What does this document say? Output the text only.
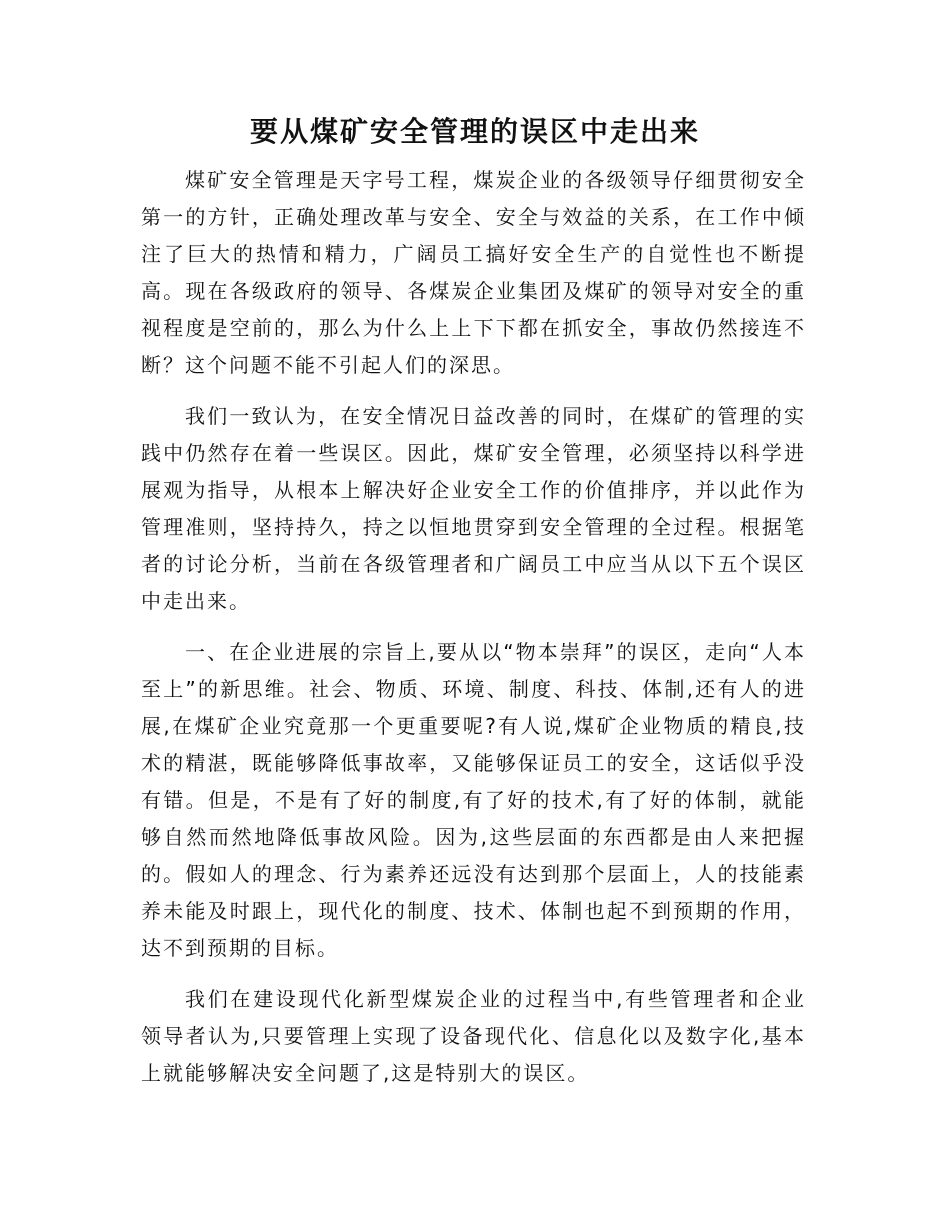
要从煤矿安全管理的误区中走出来

煤矿安全管理是天字号工程，煤炭企业的各级领导仔细贯彻安全第一的方针，正确处理改革与安全、安全与效益的关系，在工作中倾注了巨大的热情和精力，广阔员工搞好安全生产的自觉性也不断提高。现在各级政府的领导、各煤炭企业集团及煤矿的领导对安全的重视程度是空前的，那么为什么上上下下都在抓安全，事故仍然接连不断？这个问题不能不引起人们的深思。

我们一致认为，在安全情况日益改善的同时，在煤矿的管理的实践中仍然存在着一些误区。因此，煤矿安全管理，必须坚持以科学进展观为指导，从根本上解决好企业安全工作的价值排序，并以此作为管理准则，坚持持久，持之以恒地贯穿到安全管理的全过程。根据笔者的讨论分析，当前在各级管理者和广阔员工中应当从以下五个误区中走出来。

一、在企业进展的宗旨上,要从以“物本崇拜”的误区，走向“人本至上”的新思维。社会、物质、环境、制度、科技、体制,还有人的进展,在煤矿企业究竟那一个更重要呢?有人说,煤矿企业物质的精良,技术的精湛，既能够降低事故率，又能够保证员工的安全，这话似乎没有错。但是，不是有了好的制度,有了好的技术,有了好的体制，就能够自然而然地降低事故风险。因为,这些层面的东西都是由人来把握的。假如人的理念、行为素养还远没有达到那个层面上，人的技能素养未能及时跟上，现代化的制度、技术、体制也起不到预期的作用，达不到预期的目标。

我们在建设现代化新型煤炭企业的过程当中,有些管理者和企业领导者认为,只要管理上实现了设备现代化、信息化以及数字化,基本上就能够解决安全问题了,这是特别大的误区。
